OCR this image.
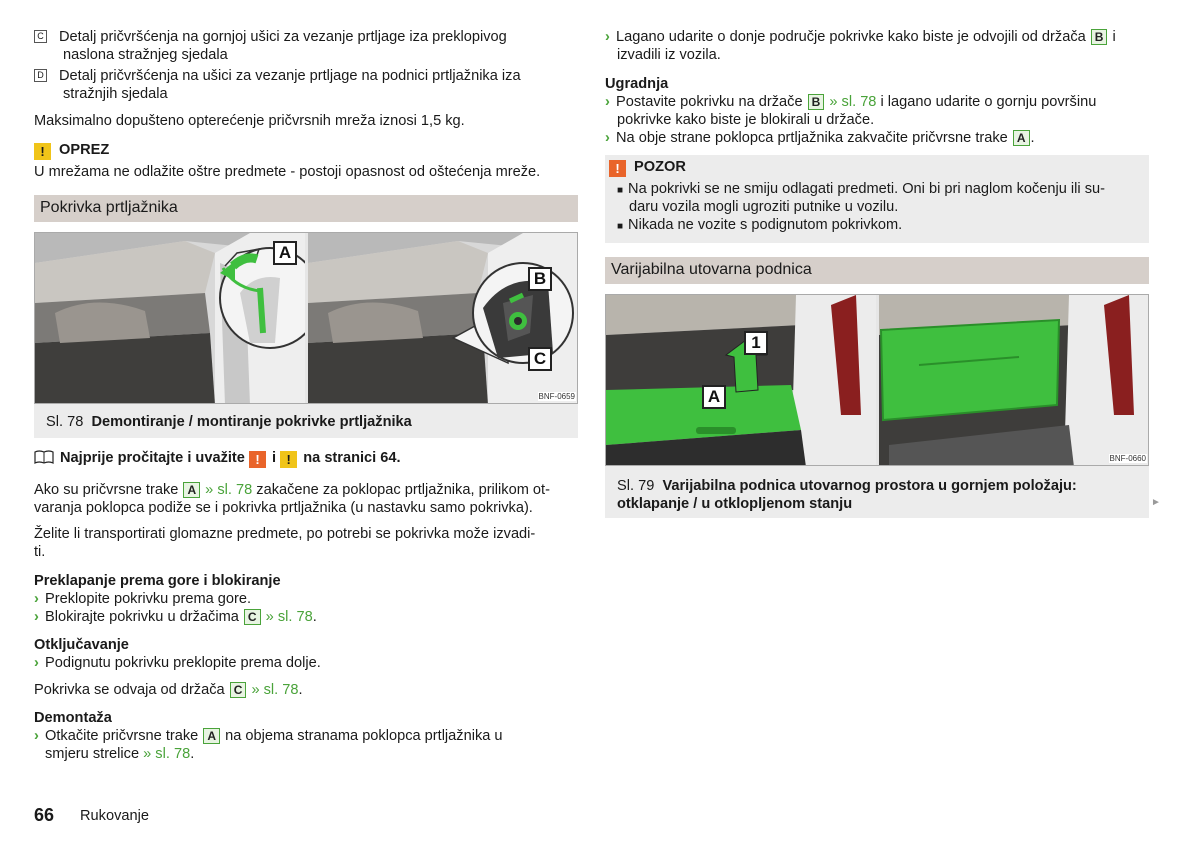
C Detalj pričvršćenja na gornjoj ušici za vezanje prtljage iza preklopivog

naslona stražnjeg sjedala

D Detalj pričvršćenja na ušici za vezanje prtljage na podnici prtljažnika iza

stražnjih sjedala

Maksimalno dopušteno opterećenje pričvrsnih mreža iznosi 1,5 kg.

! OPREZ

U mrežama ne odlažite oštre predmete - postoji opasnost od oštećenja mreže.

Pokrivka prtljažnika
A
B
C
BNF-0659

Sl. 78 Demontiranje / montiranje pokrivke prtljažnika

Najprije pročitajte i uvažite ! i ! na stranici 64.

Ako su pričvrsne trake A » sl. 78 zakačene za poklopac prtljažnika, prilikom ot-

varanja poklopca podiže se i pokrivka prtljažnika (u nastavku samo pokrivka).

Želite li transportirati glomazne predmete, po potrebi se pokrivka može izvadi-

ti.

Preklapanje prema gore i blokiranje

› Preklopite pokrivku prema gore.

› Blokirajte pokrivku u držačima C » sl. 78.

Otključavanje

› Podignutu pokrivku preklopite prema dolje.

Pokrivka se odvaja od držača C » sl. 78.

Demontaža

› Otkačite pričvrsne trake A na objema stranama poklopca prtljažnika u

smjeru strelice » sl. 78.

› Lagano udarite o donje područje pokrivke kako biste je odvojili od držača B i

izvadili iz vozila.

Ugradnja

› Postavite pokrivku na držače B » sl. 78 i lagano udarite o gornju površinu

pokrivke kako biste je blokirali u držače.

› Na obje strane poklopca prtljažnika zakvačite pričvrsne trake A .

! POZOR

■ Na pokrivki se ne smiju odlagati predmeti. Oni bi pri naglom kočenju ili su-

daru vozila mogli ugroziti putnike u vozilu.

■ Nikada ne vozite s podignutom pokrivkom.

Varijabilna utovarna podnica
1
A
BNF-0660

Sl. 79 Varijabilna podnica utovarnog prostora u gornjem položaju:

otklapanje / u otklopljenom stanju	►

66 Rukovanje
